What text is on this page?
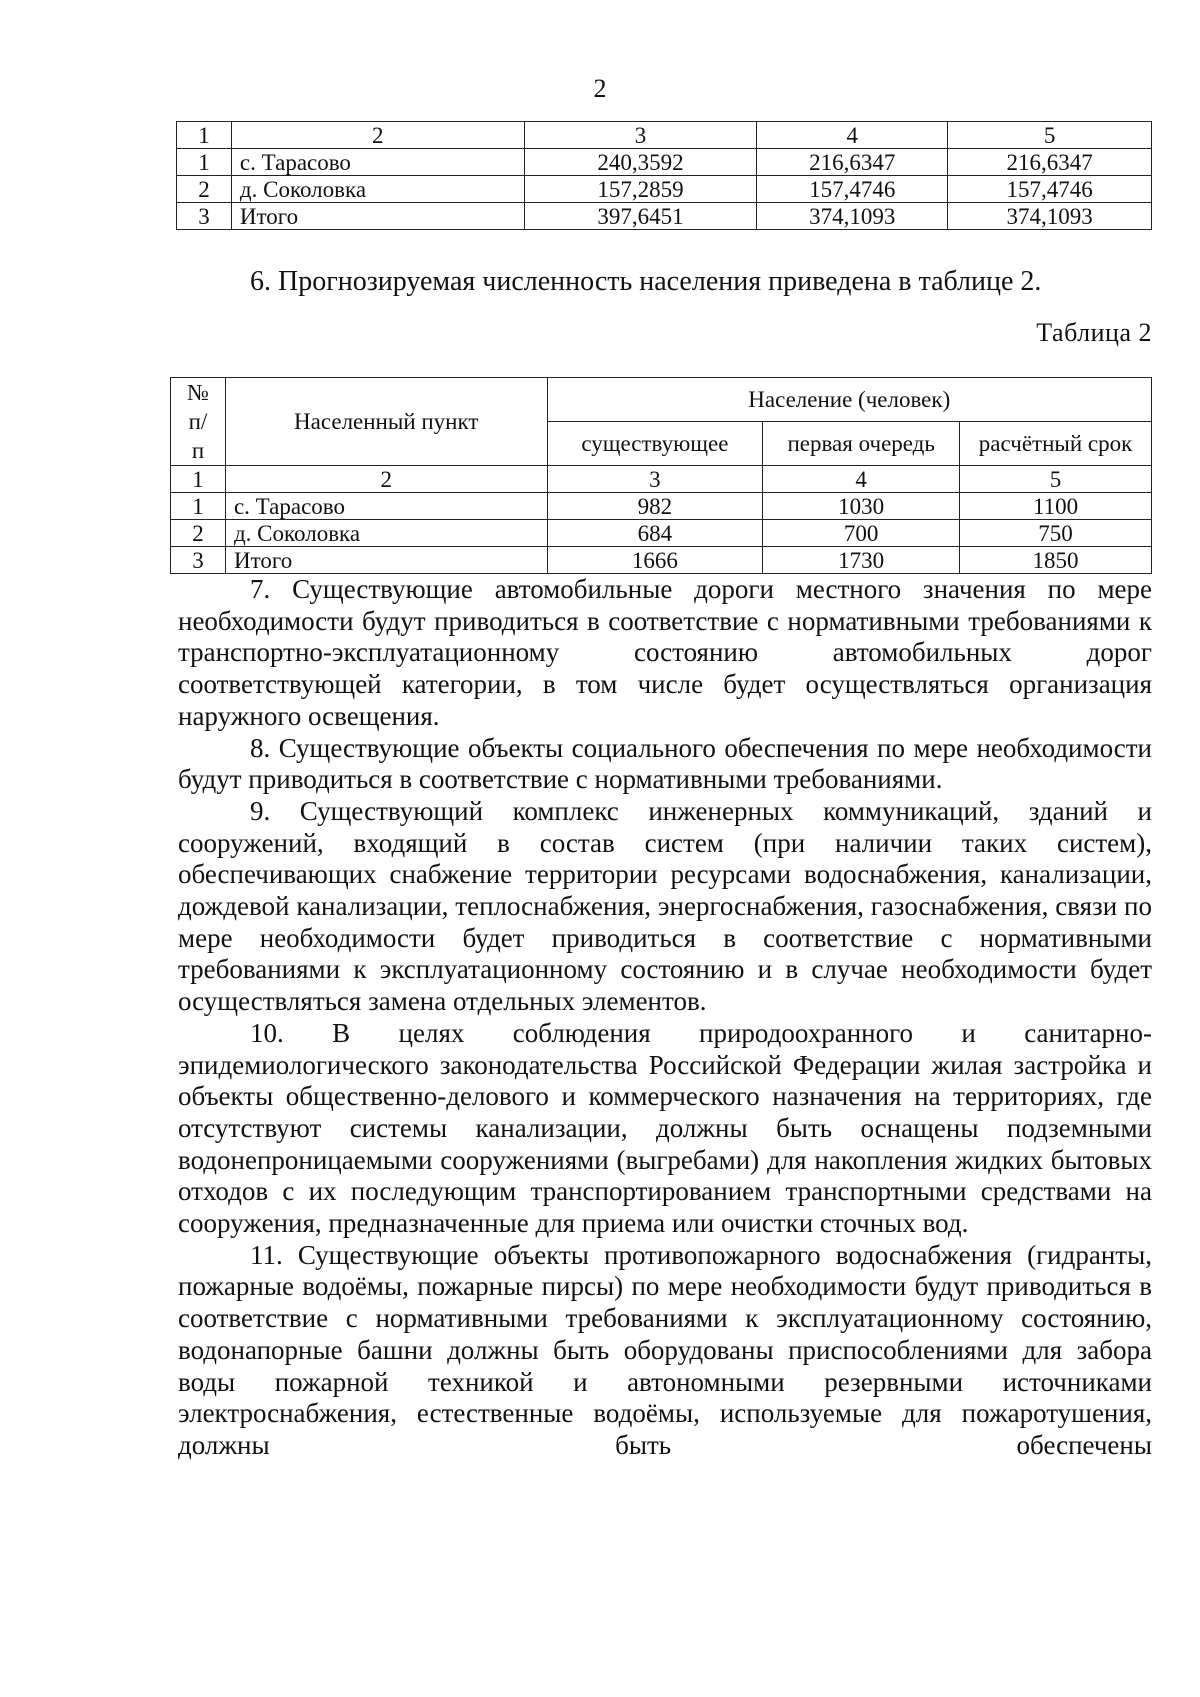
2
1	2	3	4	5
1	с. Тарасово	240,3592	216,6347	216,6347
2	д. Соколовка	157,2859	157,4746	157,4746
3	Итого	397,6451	374,1093	374,1093
6. Прогнозируемая численность населения приведена в таблице 2.
Таблица 2
№ п/п	Населенный пункт	Население (человек)		
		существующее	первая очередь	расчётный срок
1	2	3	4	5
1	с. Тарасово	982	1030	1100
2	д. Соколовка	684	700	750
3	Итого	1666	1730	1850

7. Существующие автомобильные дороги местного значения по мере необходимости будут приводиться в соответствие с нормативными требованиями к транспортно-эксплуатационному состоянию автомобильных дорог соответствующей категории, в том числе будет осуществляться организация наружного освещения.

8. Существующие объекты социального обеспечения по мере необходимости будут приводиться в соответствие с нормативными требованиями.

9. Существующий комплекс инженерных коммуникаций, зданий и сооружений, входящий в состав систем (при наличии таких систем), обеспечивающих снабжение территории ресурсами водоснабжения, канализации, дождевой канализации, теплоснабжения, энергоснабжения, газоснабжения, связи по мере необходимости будет приводиться в соответствие с нормативными требованиями к эксплуатационному состоянию и в случае необходимости будет осуществляться замена отдельных элементов.

10. В целях соблюдения природоохранного и санитарно-эпидемиологического законодательства Российской Федерации жилая застройка и объекты общественно-делового и коммерческого назначения на территориях, где отсутствуют системы канализации, должны быть оснащены подземными водонепроницаемыми сооружениями (выгребами) для накопления жидких бытовых отходов с их последующим транспортированием транспортными средствами на сооружения, предназначенные для приема или очистки сточных вод.

11. Существующие объекты противопожарного водоснабжения (гидранты, пожарные водоёмы, пожарные пирсы) по мере необходимости будут приводиться в соответствие с нормативными требованиями к эксплуатационному состоянию, водонапорные башни должны быть оборудованы приспособлениями для забора воды пожарной техникой и автономными резервными источниками электроснабжения, естественные водоёмы, используемые для пожаротушения, должны быть обеспечены
